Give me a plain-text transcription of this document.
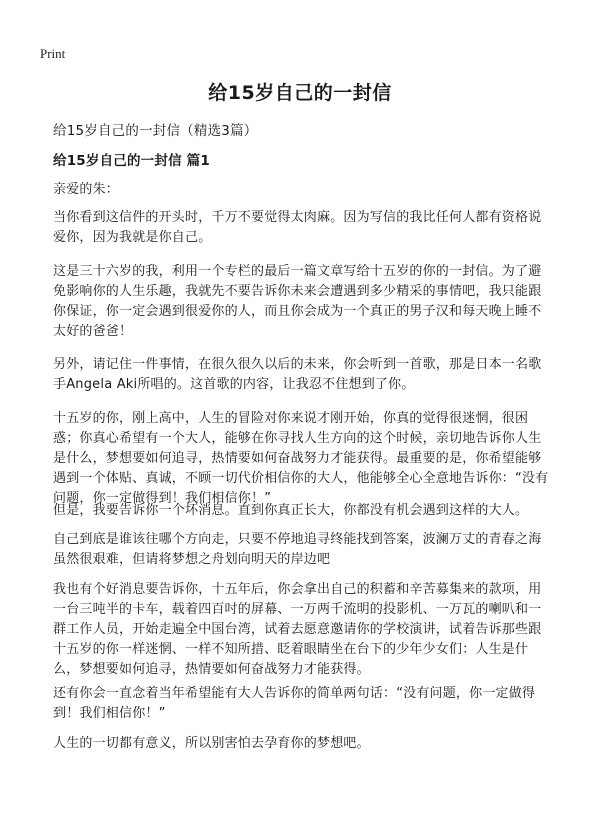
Print
给15岁自己的一封信
给15岁自己的一封信（精选3篇）
给15岁自己的一封信 篇1
亲爱的朱：
当你看到这信件的开头时，千万不要觉得太肉麻。因为写信的我比任何人都有资格说爱你，因为我就是你自己。
这是三十六岁的我，利用一个专栏的最后一篇文章写给十五岁的你的一封信。为了避免影响你的人生乐趣，我就先不要告诉你未来会遭遇到多少精采的事情吧，我只能跟你保证，你一定会遇到很爱你的人，而且你会成为一个真正的男子汉和每天晚上睡不太好的爸爸！
另外，请记住一件事情，在很久很久以后的未来，你会听到一首歌，那是日本一名歌手Angela Aki所唱的。这首歌的内容，让我忍不住想到了你。
十五岁的你，刚上高中，人生的冒险对你来说才刚开始，你真的觉得很迷惘，很困惑；你真心希望有一个大人，能够在你寻找人生方向的这个时候，亲切地告诉你人生是什么，梦想要如何追寻，热情要如何奋战努力才能获得。最重要的是，你希望能够遇到一个体贴、真诚，不顾一切代价相信你的大人，他能够全心全意地告诉你：“没有问题，你一定做得到！我们相信你！”
但是，我要告诉你一个坏消息。直到你真正长大，你都没有机会遇到这样的大人。
自己到底是谁该往哪个方向走，只要不停地追寻终能找到答案，波澜万丈的青春之海虽然很艰难，但请将梦想之舟划向明天的岸边吧
我也有个好消息要告诉你，十五年后，你会拿出自己的积蓄和辛苦募集来的款项，用一台三吨半的卡车，载着四百吋的屏幕、一万两千流明的投影机、一万瓦的喇叭和一群工作人员，开始走遍全中国台湾，试着去愿意邀请你的学校演讲，试着告诉那些跟十五岁的你一样迷惘、一样不知所措、眨着眼睛坐在台下的少年少女们：人生是什么，梦想要如何追寻，热情要如何奋战努力才能获得。
还有你会一直念着当年希望能有大人告诉你的简单两句话：“没有问题，你一定做得到！我们相信你！”
人生的一切都有意义，所以别害怕去孕育你的梦想吧。
